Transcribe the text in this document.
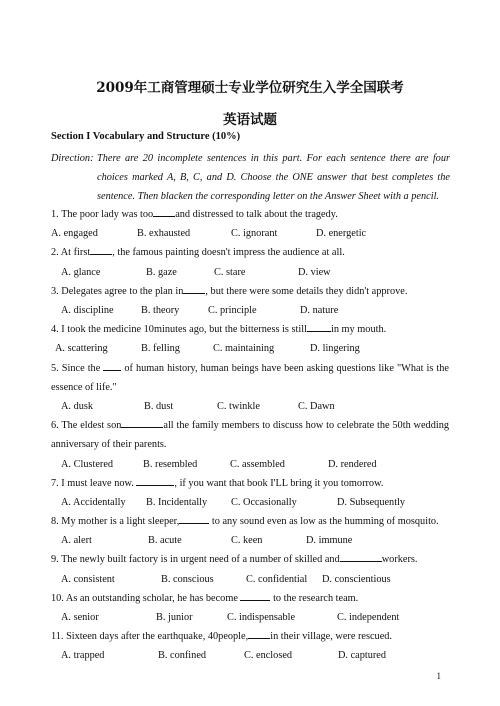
2009年工商管理硕士专业学位研究生入学全国联考
英语试题
Section I Vocabulary and Structure (10%)
Direction: There are 20 incomplete sentences in this part. For each sentence there are four choices marked A, B, C, and D. Choose the ONE answer that best completes the sentence. Then blacken the corresponding letter on the Answer Sheet with a pencil.
1. The poor lady was too and distressed to talk about the tragedy.
A. engaged	B. exhausted	C. ignorant	D. energetic
2. At first , the famous painting doesn't impress the audience at all.
A. glance	B. gaze	C. stare	D. view
3. Delegates agree to the plan in , but there were some details they didn't approve.
A. discipline	B. theory	C. principle	D. nature
4. I took the medicine 10minutes ago, but the bitterness is still in my mouth.
A. scattering	B. felling	C. maintaining	D. lingering
5. Since the of human history, human beings have been asking questions like "What is the essence of life."
A. dusk	B. dust	C. twinkle	C. Dawn
6. The eldest son	all the family members to discuss how to celebrate the 50th wedding anniversary of their parents.
A. Clustered	B. resembled	C. assembled	D. rendered
7. I must leave now.	, if you want that book I'LL bring it you tomorrow.
A. Accidentally B. Incidentally C. Occasionally	D. Subsequently
8. My mother is a light sleeper,	to any sound even as low as the humming of mosquito.
A. alert	B. acute	C. keen	D. immune
9. The newly built factory is in urgent need of a number of skilled and	workers.
A. consistent	B. conscious	C. confidential D. conscientious
10. As an outstanding scholar, he has become	to the research team.
A. senior	B. junior	C. indispensable	C. independent
11. Sixteen days after the earthquake, 40people, in their village, were rescued.
A. trapped	B. confined	C. enclosed	D. captured
1
